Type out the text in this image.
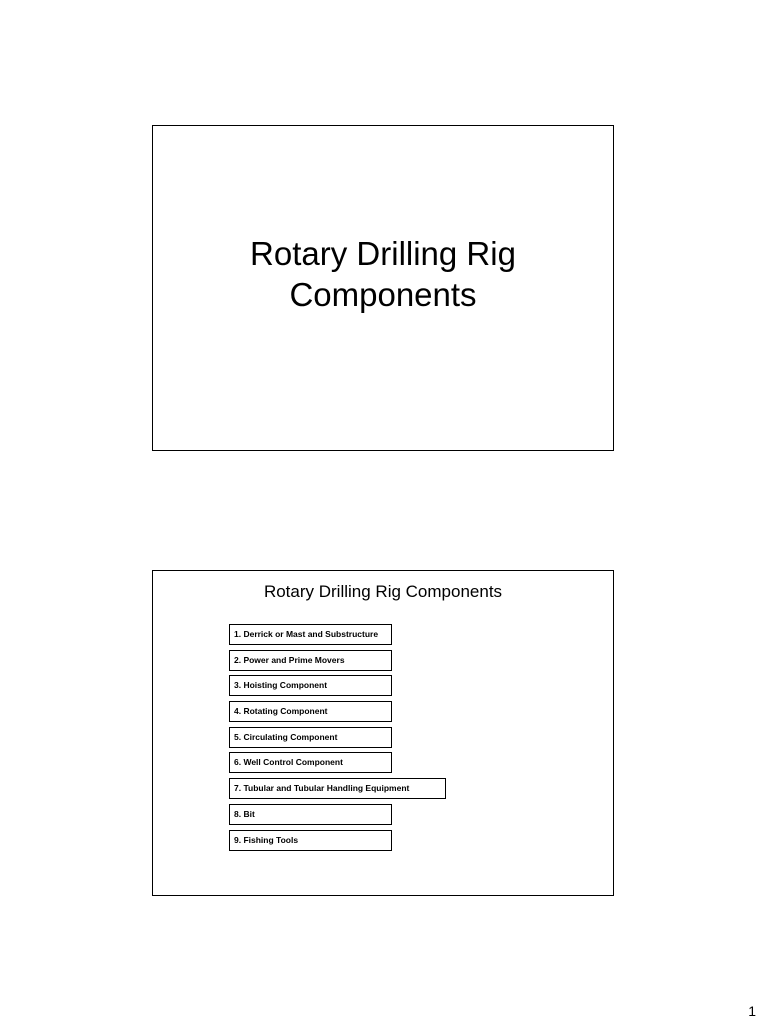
Rotary Drilling Rig
Components
Rotary Drilling Rig Components
1. Derrick or Mast and Substructure
2. Power and Prime Movers
3. Hoisting Component
4. Rotating Component
5. Circulating Component
6. Well Control Component
7. Tubular and Tubular Handling Equipment
8. Bit
9. Fishing Tools
1
